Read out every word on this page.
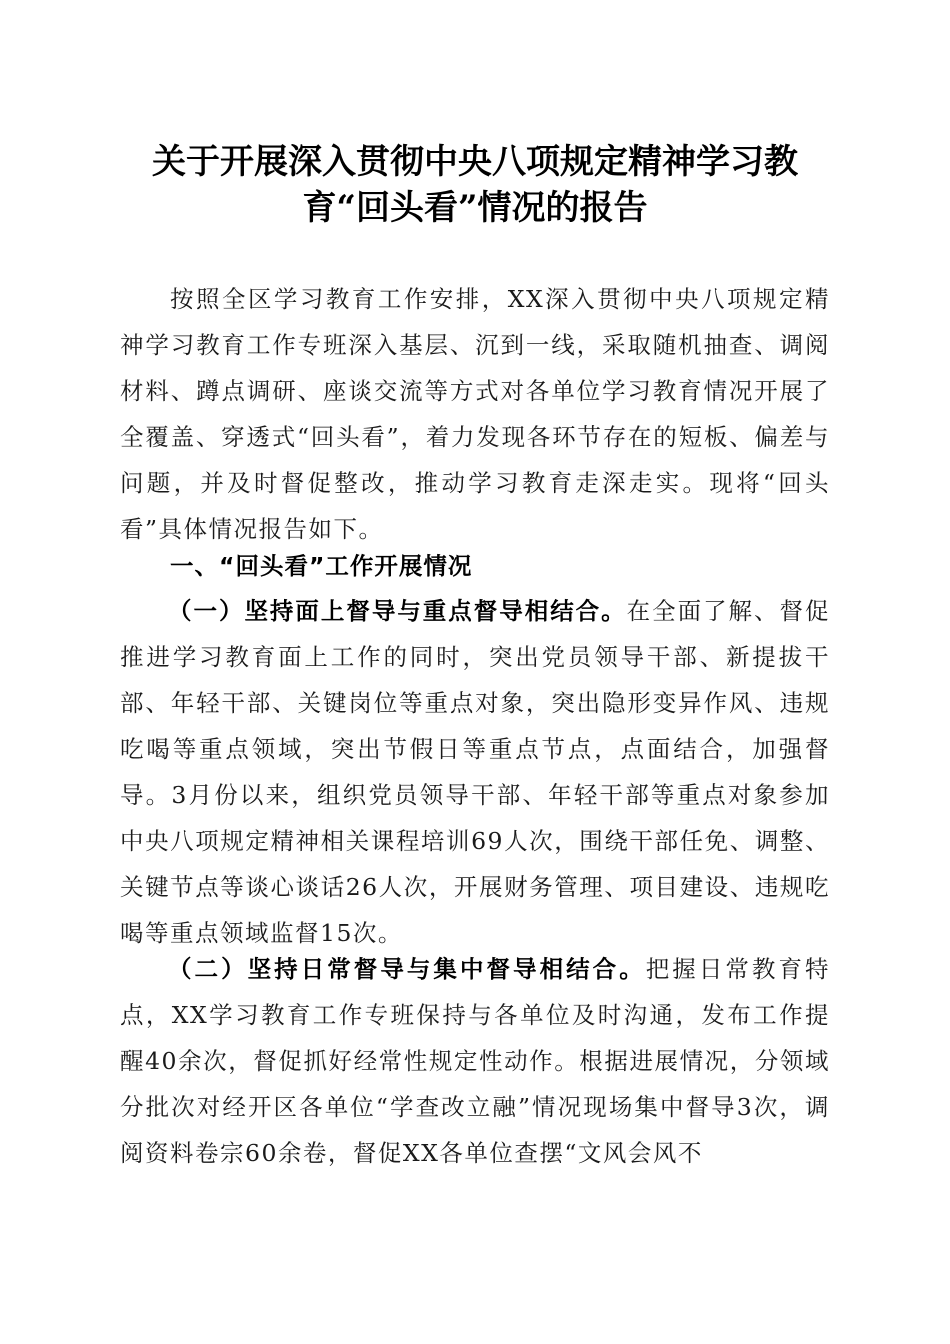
关于开展深入贯彻中央八项规定精神学习教
育“回头看”情况的报告

按照全区学习教育工作安排，XX深入贯彻中央八项规定精神学习教育工作专班深入基层、沉到一线，采取随机抽查、调阅材料、蹲点调研、座谈交流等方式对各单位学习教育情况开展了全覆盖、穿透式“回头看”，着力发现各环节存在的短板、偏差与问题，并及时督促整改，推动学习教育走深走实。现将“回头看”具体情况报告如下。

一、“回头看”工作开展情况

（一）坚持面上督导与重点督导相结合。在全面了解、督促推进学习教育面上工作的同时，突出党员领导干部、新提拔干部、年轻干部、关键岗位等重点对象，突出隐形变异作风、违规吃喝等重点领域，突出节假日等重点节点，点面结合，加强督导。3月份以来，组织党员领导干部、年轻干部等重点对象参加中央八项规定精神相关课程培训69人次，围绕干部任免、调整、关键节点等谈心谈话26人次，开展财务管理、项目建设、违规吃喝等重点领域监督15次。

（二）坚持日常督导与集中督导相结合。把握日常教育特点，XX学习教育工作专班保持与各单位及时沟通，发布工作提醒40余次，督促抓好经常性规定性动作。根据进展情况，分领域分批次对经开区各单位“学查改立融”情况现场集中督导3次，调阅资料卷宗60余卷，督促XX各单位查摆“文风会风不
